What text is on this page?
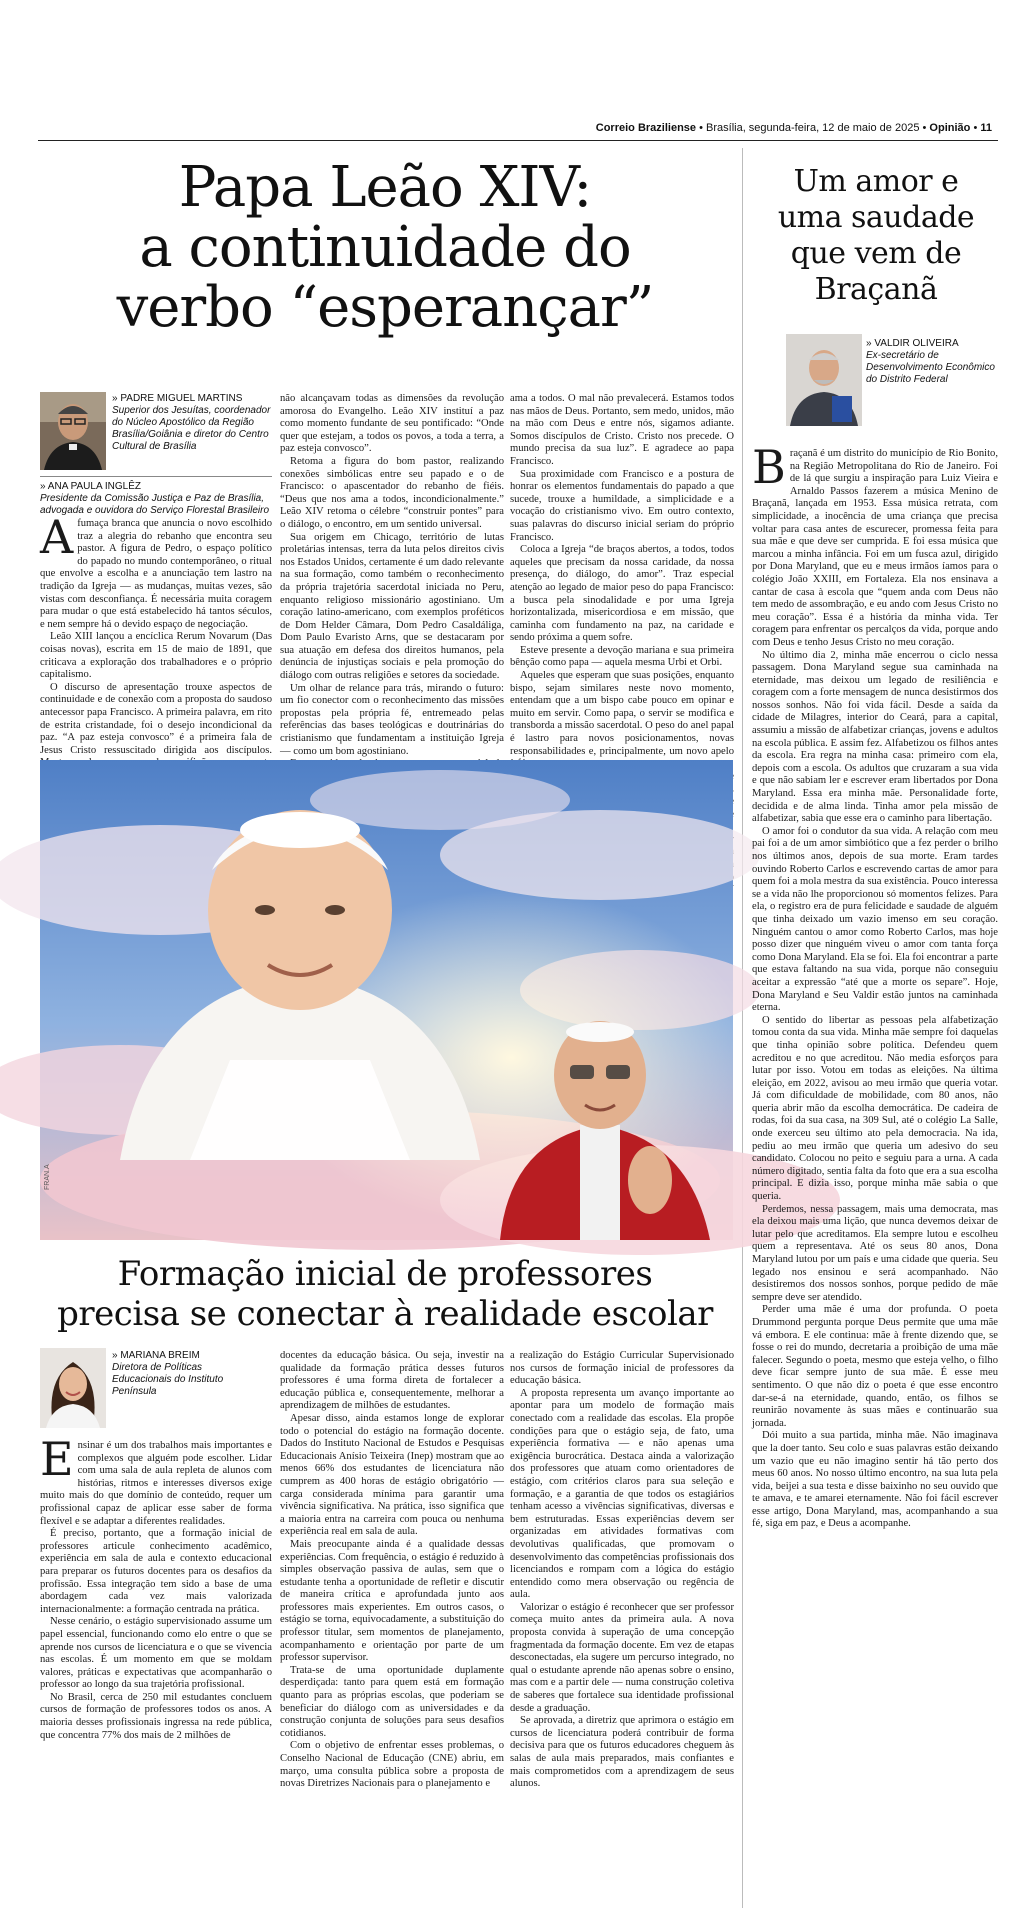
Correio Braziliense • Brasília, segunda-feira, 12 de maio de 2025 • Opinião • 11
Papa Leão XIV:
a continuidade do
verbo “esperançar”
» PADRE MIGUEL MARTINS
Superior dos Jesuítas, coordenador do Núcleo Apostólico da Região Brasília/Goiânia e diretor do Centro Cultural de Brasília
» ANA PAULA INGLÊZ
Presidente da Comissão Justiça e Paz de Brasília, advogada e ouvidora do Serviço Florestal Brasileiro

Afumaça branca que anuncia o novo escolhido traz a alegria do rebanho que encontra seu pastor. A figura de Pedro, o espaço político do papado no mundo contemporâneo, o ritual que envolve a escolha e a anunciação tem lastro na tradição da Igreja — as mudanças, muitas vezes, são vistas com desconfiança. É necessária muita coragem para mudar o que está estabelecido há tantos séculos, e nem sempre há o devido espaço de negociação.

Leão XIII lançou a encíclica Rerum Novarum (Das coisas novas), escrita em 15 de maio de 1891, que criticava a exploração dos trabalhadores e o próprio capitalismo.

O discurso de apresentação trouxe aspectos de continuidade e de conexão com a proposta do saudoso antecessor papa Francisco. A primeira palavra, em rito de estrita cristandade, foi o desejo incondicional da paz. “A paz esteja convosco” é a primeira fala de Jesus Cristo ressuscitado dirigida aos discípulos.

não alcançavam todas as dimensões da revolução amorosa do Evangelho. Leão XIV instituí a paz como momento fundante de seu pontificado: “Onde quer que estejam, a todos os povos, a toda a terra, a paz esteja convosco”.

Retoma a figura do bom pastor, realizando conexões simbólicas entre seu papado e o de Francisco: o apascentador do rebanho de fiéis. “Deus que nos ama a todos, incondicionalmente.” Leão XIV retoma o célebre “construir pontes” para o diálogo, o encontro, em um sentido universal.

Sua origem em Chicago, território de lutas proletárias intensas, terra da luta pelos direitos civis nos Estados Unidos, certamente é um dado relevante na sua formação, como também o reconhecimento da própria trajetória sacerdotal iniciada no Peru, enquanto religioso missionário agostiniano. Um coração latino-americano, com exemplos proféticos de Dom Helder Câmara, Dom Pedro Casaldáliga, Dom Paulo Evaristo Arns, que se destacaram por sua atuação em defesa dos direitos humanos, pela denúncia de injustiças sociais e pela promoção do diálogo com outras religiões e setores da sociedade.

Um olhar de relance para trás, mirando o futuro: um fio conector com o reconhecimento das missões propostas pela própria fé, entremeado pelas referências das bases teológicas e doutrinárias do cristianismo que fundamentam a instituição Igreja — como um bom agostiniano.

ama a todos. O mal não prevalecerá. Estamos todos nas mãos de Deus. Portanto, sem medo, unidos, mão na mão com Deus e entre nós, sigamos adiante. Somos discípulos de Cristo. Cristo nos precede. O mundo precisa da sua luz”. E agradece ao papa Francisco.

Sua proximidade com Francisco e a postura de honrar os elementos fundamentais do papado a que sucede, trouxe a humildade, a simplicidade e a vocação do cristianismo vivo. Em outro contexto, suas palavras do discurso inicial seriam do próprio Francisco.

Coloca a Igreja “de braços abertos, a todos, todos aqueles que precisam da nossa caridade, da nossa presença, do diálogo, do amor”. Traz especial atenção ao legado de maior peso do papa Francisco: a busca pela sinodalidade e por uma Igreja horizontalizada, misericordiosa e em missão, que caminha com fundamento na paz, na caridade e sendo próxima a quem sofre.

Esteve presente a devoção mariana e sua primeira bênção como papa — aquela mesma Urbi et Orbi.

Aqueles que esperam que suas posições, enquanto bispo, sejam similares neste novo momento, entendam que a um bispo cabe pouco em opinar e muito em servir. Como papa, o servir se modifica e transborda a missão sacerdotal. O peso do anel papal é lastro para novos posicionamentos, novas responsabilidades e, principalmente, um novo apelo

FRAN.A
Formação inicial de professores
precisa se conectar à realidade escolar
» MARIANA BREIM
Diretora de Políticas Educacionais do Instituto Península

Ensinar é um dos trabalhos mais importantes e complexos que alguém pode escolher. Lidar com uma sala de aula repleta de alunos com histórias, ritmos e interesses diversos exige muito mais do que domínio de conteúdo, requer um profissional capaz de aplicar esse saber de forma flexível e se adaptar a diferentes realidades.

É preciso, portanto, que a formação inicial de professores articule conhecimento acadêmico, experiência em sala de aula e contexto educacional para preparar os futuros docentes para os desafios da profissão. Essa integração tem sido a base de uma abordagem cada vez mais valorizada internacionalmente: a formação centrada na prática.

Nesse cenário, o estágio supervisionado assume um papel essencial, funcionando como elo entre o que se aprende nos cursos de licenciatura e o que se vivencia nas escolas. É um momento em que se moldam valores, práticas e expectativas que acompanharão o professor ao longo da sua trajetória profissional.

No Brasil, cerca de 250 mil estudantes concluem cursos de formação de professores todos os anos. A maioria desses profissionais ingressa na rede pública, que concentra 77% dos mais de 2 milhões de

docentes da educação básica. Ou seja, investir na qualidade da formação prática desses futuros professores é uma forma direta de fortalecer a educação pública e, consequentemente, melhorar a aprendizagem de milhões de estudantes.

Apesar disso, ainda estamos longe de explorar todo o potencial do estágio na formação docente. Dados do Instituto Nacional de Estudos e Pesquisas Educacionais Anísio Teixeira (Inep) mostram que ao menos 66% dos estudantes de licenciatura não cumprem as 400 horas de estágio obrigatório — carga considerada mínima para garantir uma vivência significativa. Na prática, isso significa que a maioria entra na carreira com pouca ou nenhuma experiência real em sala de aula.

Mais preocupante ainda é a qualidade dessas experiências. Com frequência, o estágio é reduzido à simples observação passiva de aulas, sem que o estudante tenha a oportunidade de refletir e discutir de maneira crítica e aprofundada junto aos professores mais experientes. Em outros casos, o estágio se torna, equivocadamente, a substituição do professor titular, sem momentos de planejamento, acompanhamento e orientação por parte de um professor supervisor.

Trata-se de uma oportunidade duplamente desperdiçada: tanto para quem está em formação quanto para as próprias escolas, que poderiam se beneficiar do diálogo com as universidades e da construção conjunta de soluções para seus desafios cotidianos.

Com o objetivo de enfrentar esses problemas, o Conselho Nacional de Educação (CNE) abriu, em março, uma consulta pública sobre a proposta de novas Diretrizes Nacionais para o planejamento e

a realização do Estágio Curricular Supervisionado nos cursos de formação inicial de professores da educação básica.

A proposta representa um avanço importante ao apontar para um modelo de formação mais conectado com a realidade das escolas. Ela propõe condições para que o estágio seja, de fato, uma experiência formativa — e não apenas uma exigência burocrática. Destaca ainda a valorização dos professores que atuam como orientadores de estágio, com critérios claros para sua seleção e formação, e a garantia de que todos os estagiários tenham acesso a vivências significativas, diversas e bem estruturadas. Essas experiências devem ser organizadas em atividades formativas com devolutivas qualificadas, que promovam o desenvolvimento das competências profissionais dos licenciandos e rompam com a lógica do estágio entendido como mera observação ou regência de aula.

Valorizar o estágio é reconhecer que ser professor começa muito antes da primeira aula. A nova proposta convida à superação de uma concepção fragmentada da formação docente. Em vez de etapas desconectadas, ela sugere um percurso integrado, no qual o estudante aprende não apenas sobre o ensino, mas com e a partir dele — numa construção coletiva de saberes que fortalece sua identidade profissional desde a graduação.

Se aprovada, a diretriz que aprimora o estágio em cursos de licenciatura poderá contribuir de forma decisiva para que os futuros educadores cheguem às salas de aula mais preparados, mais confiantes e mais comprometidos com a aprendizagem de seus alunos.

Um amor e
uma saudade
que vem de
Braçanã
» VALDIR OLIVEIRA
Ex-secretário de Desenvolvimento Econômico do Distrito Federal

Braçanã é um distrito do município de Rio Bonito, na Região Metropolitana do Rio de Janeiro. Foi de lá que surgiu a inspiração para Luiz Vieira e Arnaldo Passos fazerem a música Menino de Braçanã, lançada em 1953. Essa música retrata, com simplicidade, a inocência de uma criança que precisa voltar para casa antes de escurecer, promessa feita para sua mãe e que deve ser cumprida. E foi essa música que marcou a minha infância. Foi em um fusca azul, dirigido por Dona Maryland, que eu e meus irmãos íamos para o colégio João XXIII, em Fortaleza. Ela nos ensinava a cantar de casa à escola que “quem anda com Deus não tem medo de assombração, e eu ando com Jesus Cristo no meu coração”. Essa é a história da minha vida. Ter coragem para enfrentar os percalços da vida, porque ando com Deus e tenho Jesus Cristo no meu coração.

No último dia 2, minha mãe encerrou o ciclo nessa passagem. Dona Maryland segue sua caminhada na eternidade, mas deixou um legado de resiliência e coragem com a forte mensagem de nunca desistirmos dos nossos sonhos. Não foi vida fácil. Desde a saída da cidade de Milagres, interior do Ceará, para a capital, assumiu a missão de alfabetizar crianças, jovens e adultos na escola pública. E assim fez. Alfabetizou os filhos antes da escola. Era regra na minha casa: primeiro com ela, depois com a escola. Os adultos que cruzaram a sua vida e que não sabiam ler e escrever eram libertados por Dona Maryland. Essa era minha mãe. Personalidade forte, decidida e de alma linda. Tinha amor pela missão de alfabetizar, sabia que esse era o caminho para libertação.

O amor foi o condutor da sua vida. A relação com meu pai foi a de um amor simbiótico que a fez perder o brilho nos últimos anos, depois de sua morte. Eram tardes ouvindo Roberto Carlos e escrevendo cartas de amor para quem foi a mola mestra da sua existência. Pouco interessa se a vida não lhe proporcionou só momentos felizes. Para ela, o registro era de pura felicidade e saudade de alguém que tinha deixado um vazio imenso em seu coração. Ninguém cantou o amor como Roberto Carlos, mas hoje posso dizer que ninguém viveu o amor com tanta força como Dona Maryland. Ela se foi. Ela foi encontrar a parte que estava faltando na sua vida, porque não conseguiu aceitar a expressão “até que a morte os separe”. Hoje, Dona Maryland e Seu Valdir estão juntos na caminhada eterna.

O sentido do libertar as pessoas pela alfabetização tomou conta da sua vida. Minha mãe sempre foi daquelas que tinha opinião sobre política. Defendeu quem acreditou e no que acreditou. Não media esforços para lutar por isso. Votou em todas as eleições. Na última eleição, em 2022, avisou ao meu irmão que queria votar. Já com dificuldade de mobilidade, com 80 anos, não queria abrir mão da escolha democrática. De cadeira de rodas, foi da sua casa, na 309 Sul, até o colégio La Salle, onde exerceu seu último ato pela democracia. Na ida, pediu ao meu irmão que queria um adesivo do seu candidato. Colocou no peito e seguiu para a urna. A cada número digitado, sentia falta da foto que era a sua escolha principal. E dizia isso, porque minha mãe sabia o que queria.

Perdemos, nessa passagem, mais uma democrata, mas ela deixou mais uma lição, que nunca devemos deixar de lutar pelo que acreditamos. Ela sempre lutou e escolheu quem a representava. Até os seus 80 anos, Dona Maryland lutou por um país e uma cidade que queria. Seu legado nos ensinou e será acompanhado. Não desistiremos dos nossos sonhos, porque pedido de mãe sempre deve ser atendido.

Perder uma mãe é uma dor profunda. O poeta Drummond pergunta porque Deus permite que uma mãe vá embora. E ele continua: mãe à frente dizendo que, se fosse o rei do mundo, decretaria a proibição de uma mãe falecer. Segundo o poeta, mesmo que esteja velho, o filho deve ficar sempre junto de sua mãe. É esse meu sentimento. O que não diz o poeta é que esse encontro dar-se-á na eternidade, quando, então, os filhos se reunirão novamente às suas mães e continuarão sua jornada.

Dói muito a sua partida, minha mãe. Não imaginava que la doer tanto. Seu colo e suas palavras estão deixando um vazio que eu não imagino sentir há tão perto dos meus 60 anos. No nosso último encontro, na sua luta pela vida, beijei a sua testa e disse baixinho no seu ouvido que te amava, e te amarei eternamente. Não foi fácil escrever esse artigo, Dona Maryland, mas, acompanhando a sua fé, siga em paz, e Deus a acompanhe.
